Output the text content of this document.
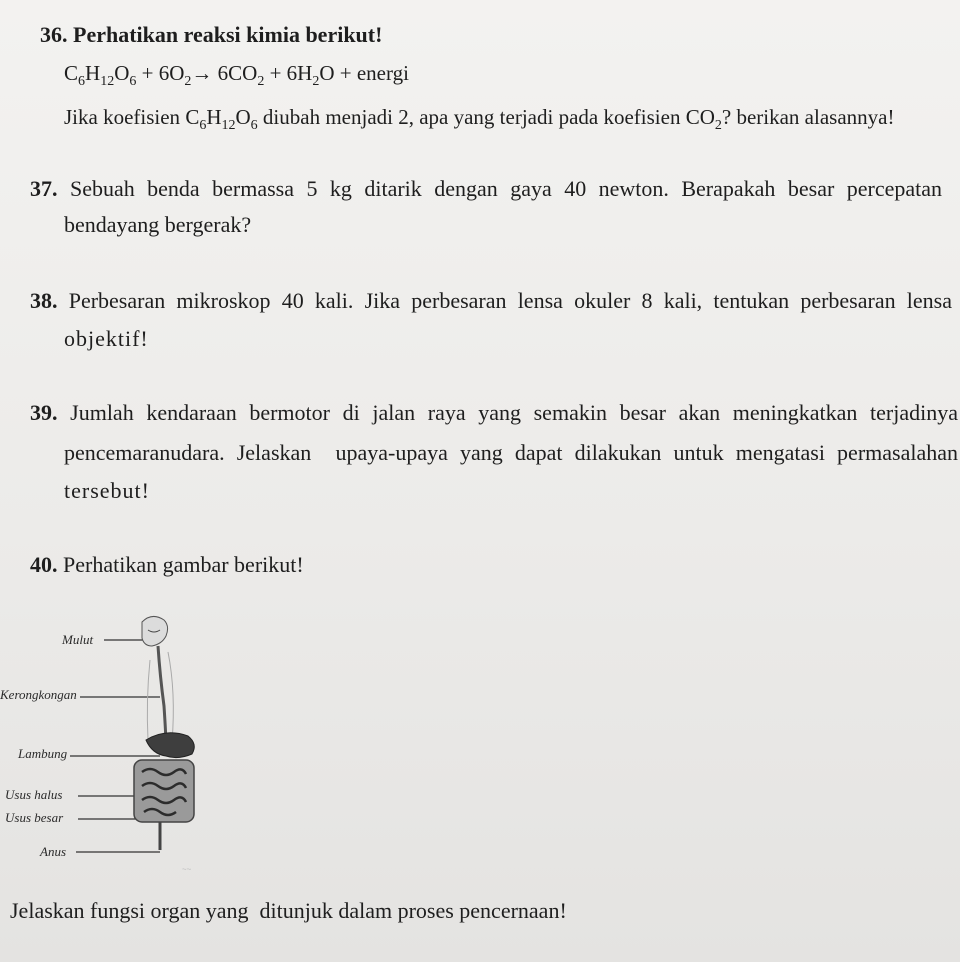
36. Perhatikan reaksi kimia berikut!
$C_6H_{12}O_6 + 6O_2\to 6CO_2 + 6H_2O$ + energi
Jika koefisien $C_6H_{12}O_6$ diubah menjadi 2, apa yang terjadi pada koefisien $CO_2$? berikan alasannya!
37. Sebuah benda bermassa 5 kg ditarik dengan gaya 40 newton. Berapakah besar percepatan
bendayang bergerak?
38. Perbesaran mikroskop 40 kali. Jika perbesaran lensa okuler 8 kali, tentukan perbesaran lensa
objektif!
39. Jumlah kendaraan bermotor di jalan raya yang semakin besar akan meningkatkan terjadinya
pencemaranudara. Jelaskan  upaya-upaya yang dapat dilakukan untuk mengatasi permasalahan
tersebut!
40. Perhatikan gambar berikut!
Mulut
Kerongkongan
Lambung
Usus halus
Usus besar
Anus
~~
Jelaskan fungsi organ yang  ditunjuk dalam proses pencernaan!
